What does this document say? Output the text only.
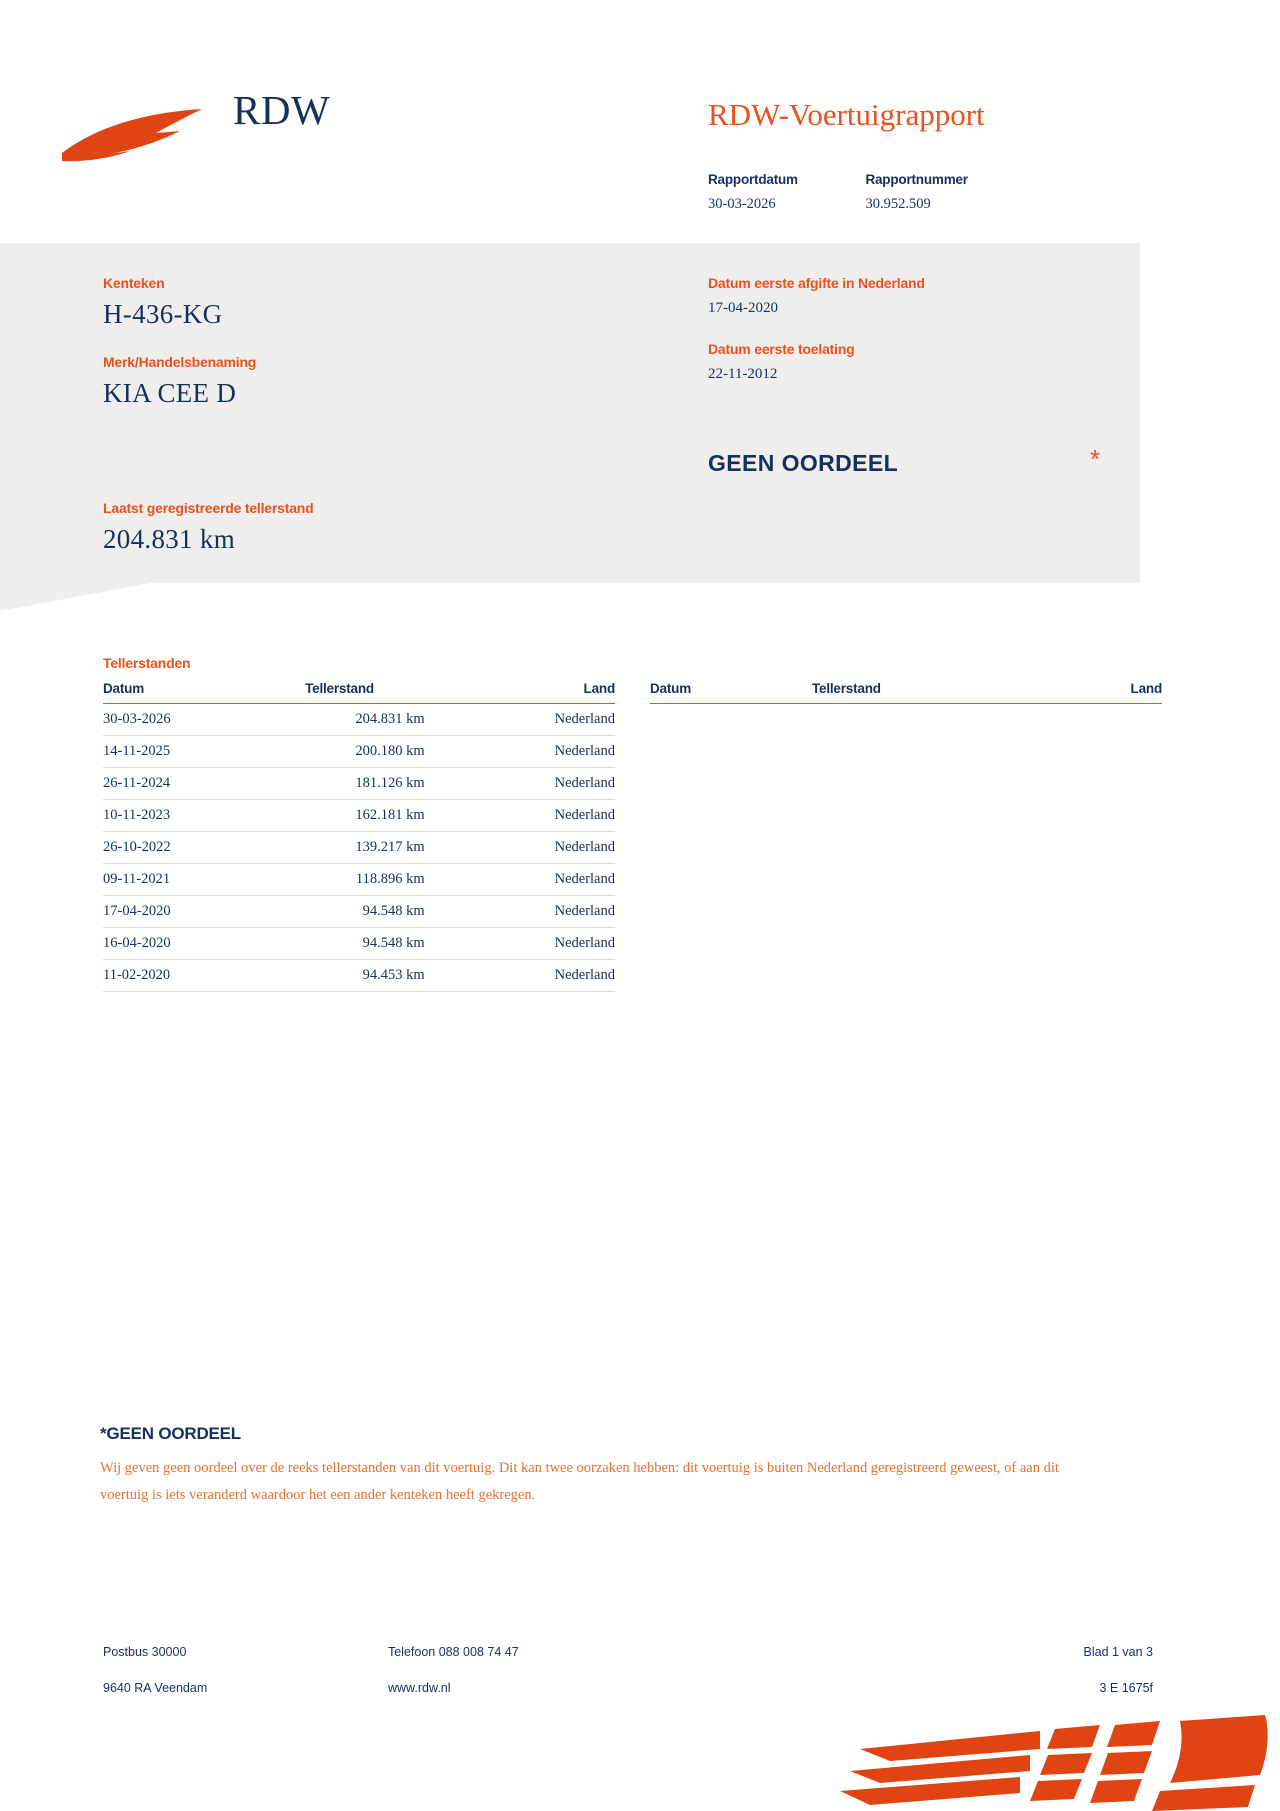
RDW	RDW-Voertuigrapport
Rapportdatum
30-03-2026

Rapportnummer
30.952.509
Kenteken
H-436-KG
Merk/Handelsbenaming
KIA CEE D
Laatst geregistreerde tellerstand
204.831 km
Datum eerste afgifte in Nederland
17-04-2020
Datum eerste toelating
22-11-2012
GEEN OORDEEL	*
Tellerstanden
Datum	Tellerstand	Land
30-03-2026	204.831 km	Nederland
14-11-2025	200.180 km	Nederland
26-11-2024	181.126 km	Nederland
10-11-2023	162.181 km	Nederland
26-10-2022	139.217 km	Nederland
09-11-2021	118.896 km	Nederland
17-04-2020	94.548 km	Nederland
16-04-2020	94.548 km	Nederland
11-02-2020	94.453 km	Nederland
Datum	Tellerstand	Land
*GEEN OORDEEL
Wij geven geen oordeel over de reeks tellerstanden van dit voertuig. Dit kan twee oorzaken hebben: dit voertuig is buiten Nederland geregistreerd geweest, of aan dit voertuig is iets veranderd waardoor het een ander kenteken heeft gekregen.
Postbus 30000	Telefoon 088 008 74 47	Blad 1 van 3
9640 RA Veendam	www.rdw.nl	3 E 1675f
